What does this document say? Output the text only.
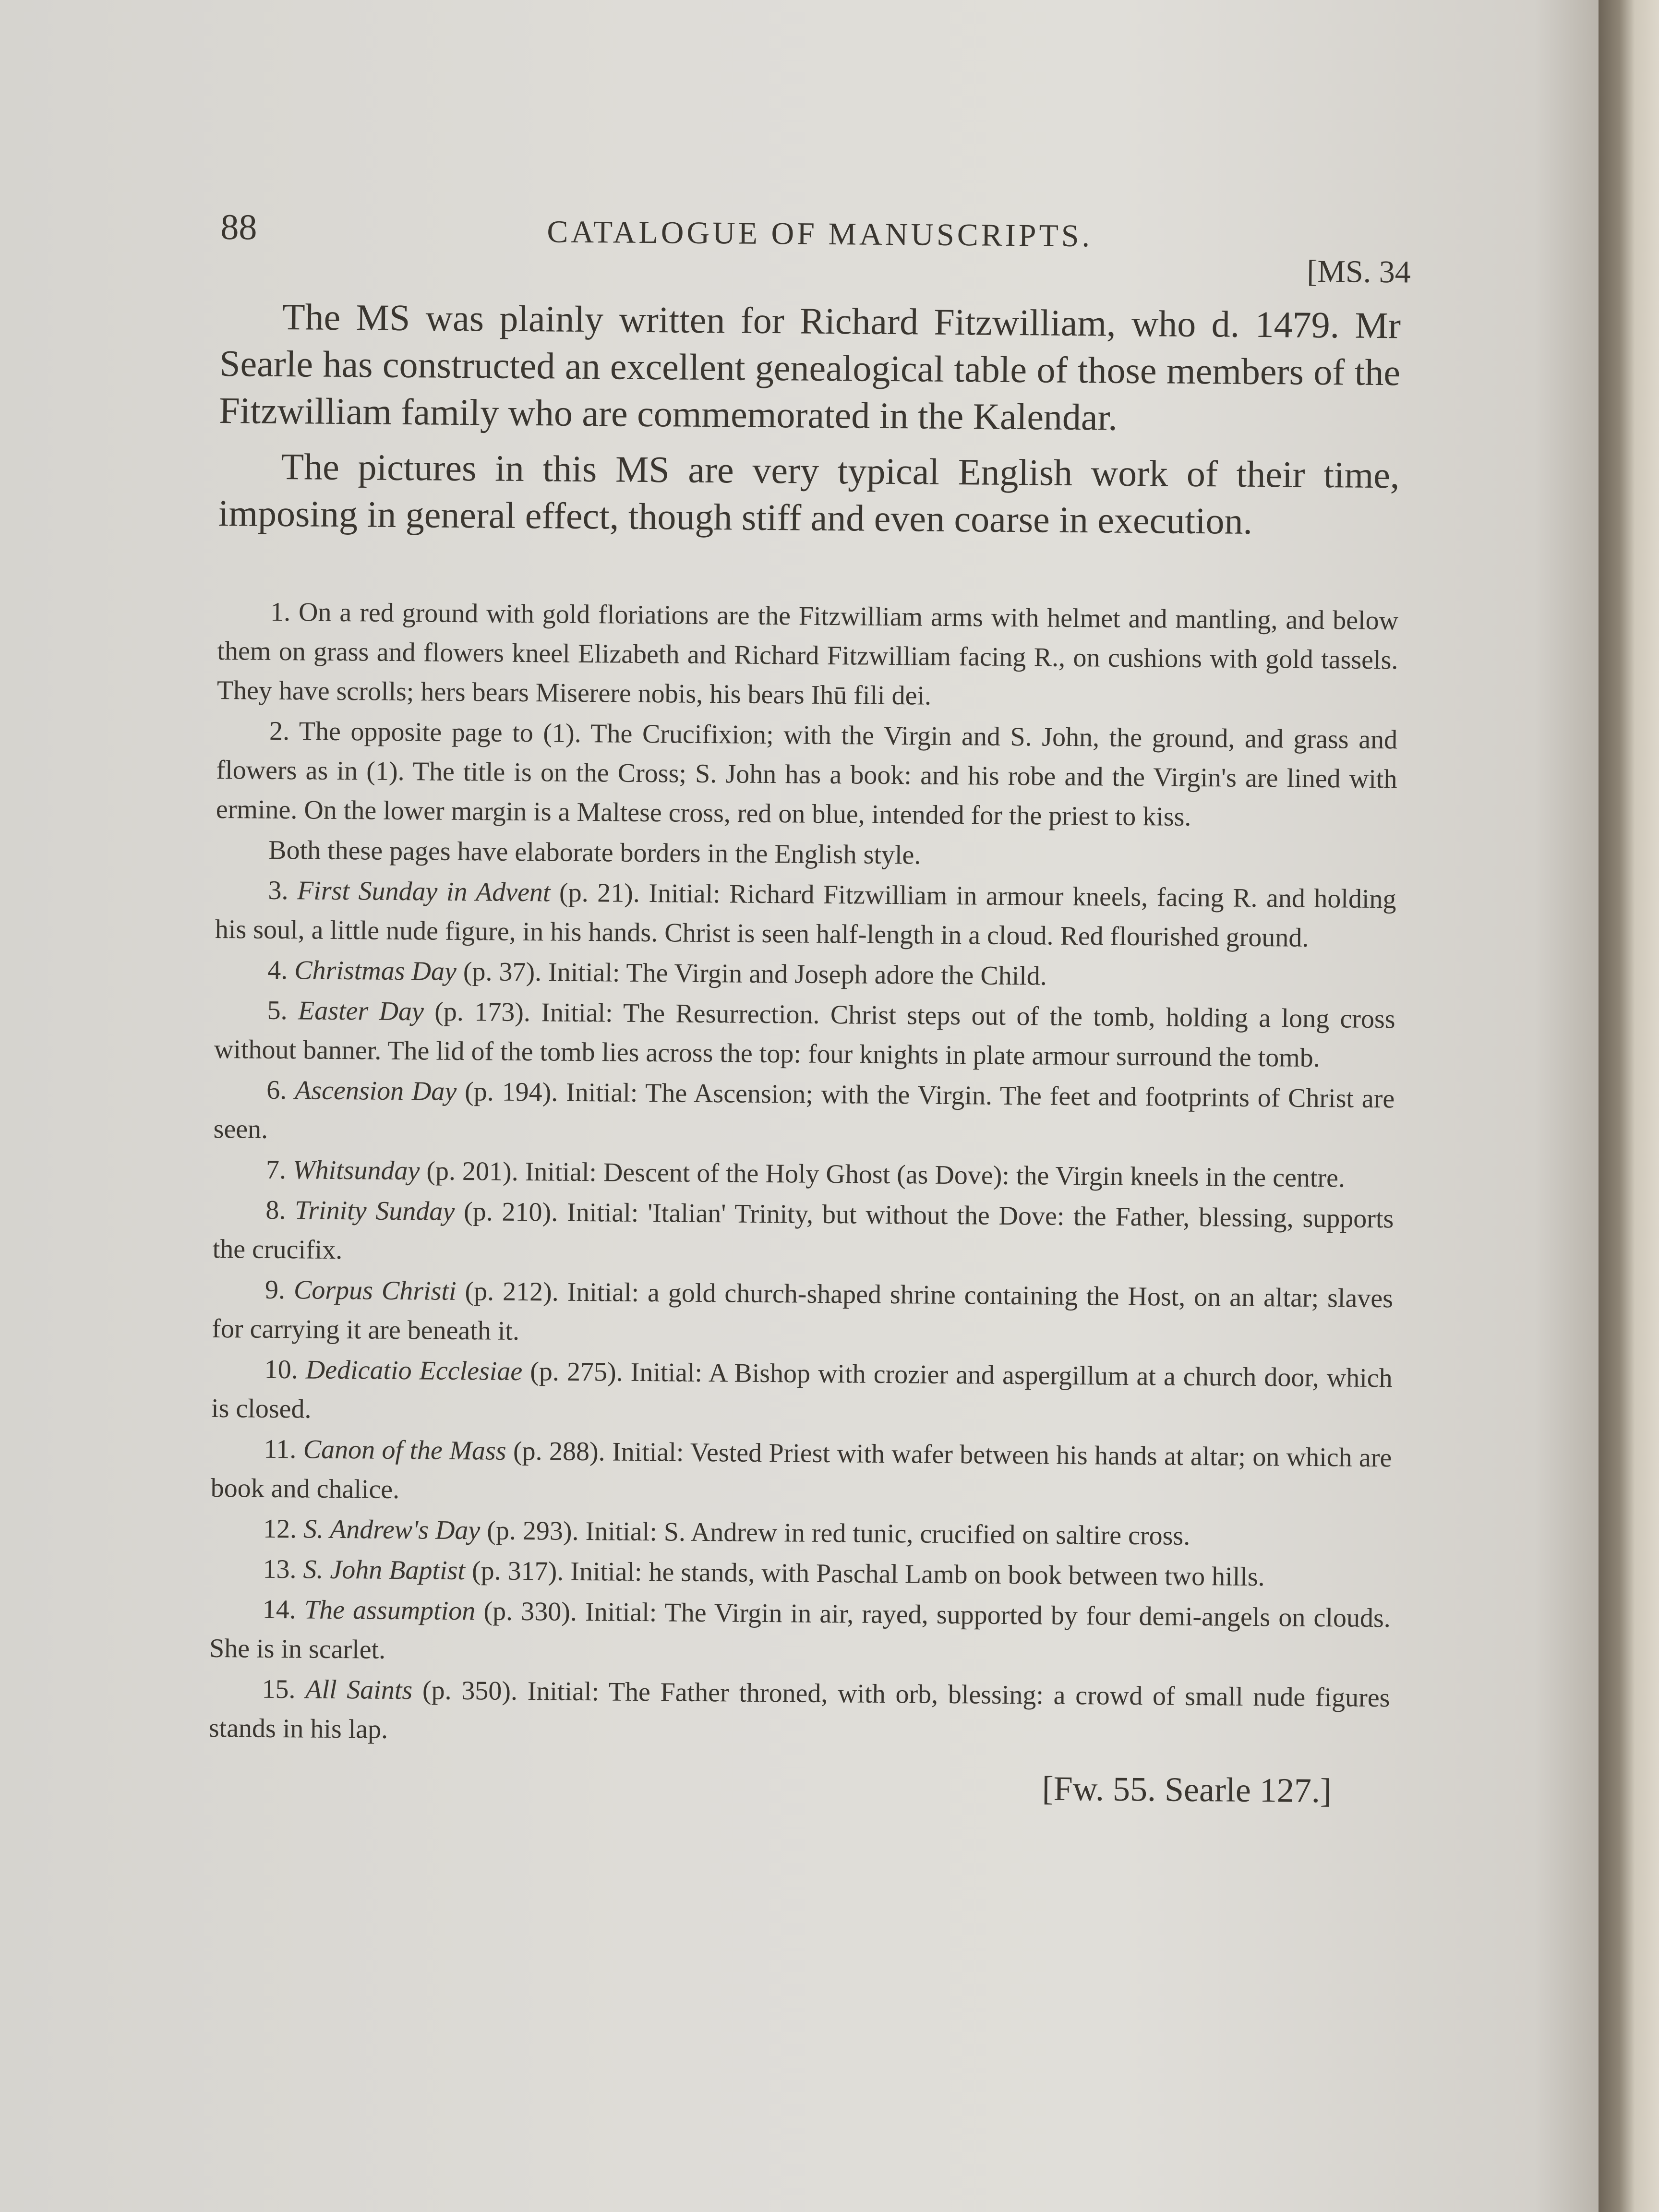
88	CATALOGUE OF MANUSCRIPTS.
[MS. 34

The MS was plainly written for Richard Fitzwilliam, who d. 1479. Mr Searle has constructed an excellent genealogical table of those members of the Fitzwilliam family who are commemorated in the Kalendar.

The pictures in this MS are very typical English work of their time, imposing in general effect, though stiff and even coarse in execution.

1. On a red ground with gold floriations are the Fitzwilliam arms with helmet and mantling, and below them on grass and flowers kneel Elizabeth and Richard Fitzwilliam facing R., on cushions with gold tassels. They have scrolls; hers bears Miserere nobis, his bears Ihū fili dei.

2. The opposite page to (1). The Crucifixion; with the Virgin and S. John, the ground, and grass and flowers as in (1). The title is on the Cross; S. John has a book: and his robe and the Virgin's are lined with ermine. On the lower margin is a Maltese cross, red on blue, intended for the priest to kiss.

Both these pages have elaborate borders in the English style.

3. First Sunday in Advent (p. 21). Initial: Richard Fitzwilliam in armour kneels, facing R. and holding his soul, a little nude figure, in his hands. Christ is seen half-length in a cloud. Red flourished ground.

4. Christmas Day (p. 37). Initial: The Virgin and Joseph adore the Child.

5. Easter Day (p. 173). Initial: The Resurrection. Christ steps out of the tomb, holding a long cross without banner. The lid of the tomb lies across the top: four knights in plate armour surround the tomb.

6. Ascension Day (p. 194). Initial: The Ascension; with the Virgin. The feet and footprints of Christ are seen.

7. Whitsunday (p. 201). Initial: Descent of the Holy Ghost (as Dove): the Virgin kneels in the centre.

8. Trinity Sunday (p. 210). Initial: 'Italian' Trinity, but without the Dove: the Father, blessing, supports the crucifix.

9. Corpus Christi (p. 212). Initial: a gold church-shaped shrine containing the Host, on an altar; slaves for carrying it are beneath it.

10. Dedicatio Ecclesiae (p. 275). Initial: A Bishop with crozier and aspergillum at a church door, which is closed.

11. Canon of the Mass (p. 288). Initial: Vested Priest with wafer between his hands at altar; on which are book and chalice.

12. S. Andrew's Day (p. 293). Initial: S. Andrew in red tunic, crucified on saltire cross.

13. S. John Baptist (p. 317). Initial: he stands, with Paschal Lamb on book between two hills.

14. The assumption (p. 330). Initial: The Virgin in air, rayed, supported by four demi-angels on clouds. She is in scarlet.

15. All Saints (p. 350). Initial: The Father throned, with orb, blessing: a crowd of small nude figures stands in his lap.

[Fw. 55. Searle 127.]
